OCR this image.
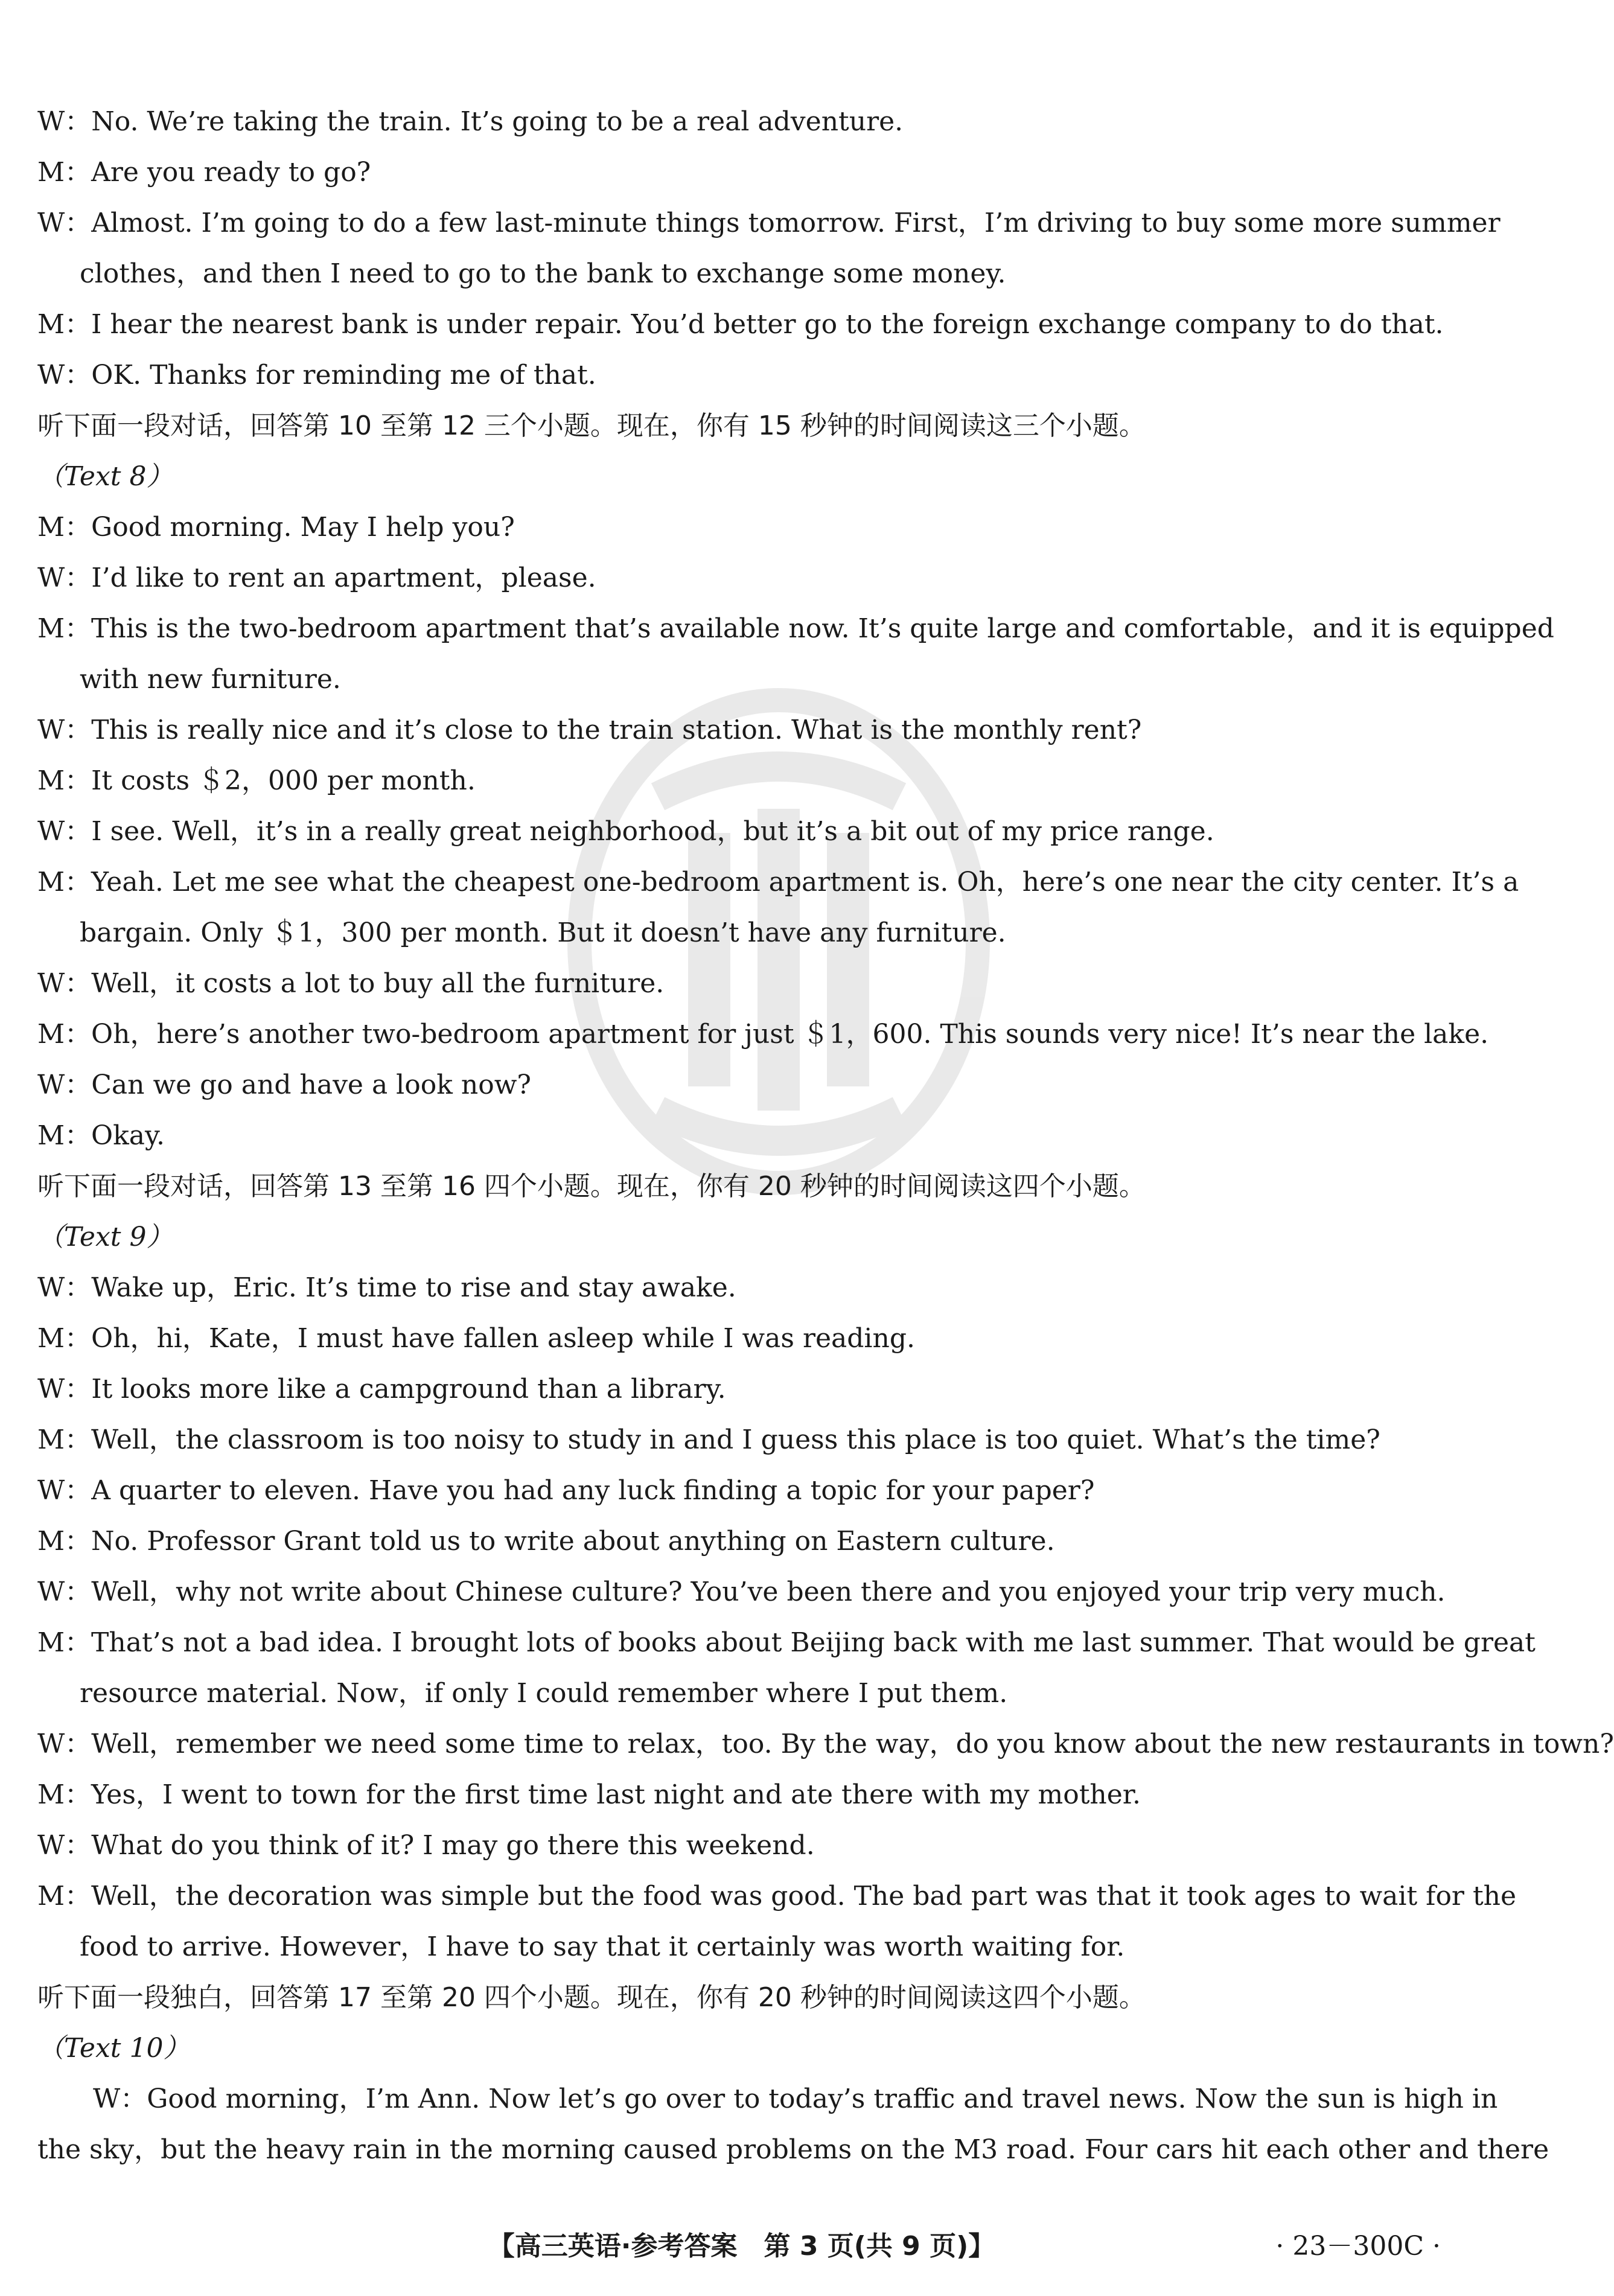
W：No. We’re taking the train. It’s going to be a real adventure.
M：Are you ready to go?
W：Almost. I’m going to do a few last-minute things tomorrow. First，I’m driving to buy some more summer
clothes，and then I need to go to the bank to exchange some money.
M：I hear the nearest bank is under repair. You’d better go to the foreign exchange company to do that.
W：OK. Thanks for reminding me of that.
听下面一段对话，回答第 10 至第 12 三个小题。现在，你有 15 秒钟的时间阅读这三个小题。
（Text 8）
M：Good morning. May I help you?
W：I’d like to rent an apartment，please.
M：This is the two-bedroom apartment that’s available now. It’s quite large and comfortable，and it is equipped
with new furniture.
W：This is really nice and it’s close to the train station. What is the monthly rent?
M：It costs ＄2，000 per month.
W：I see. Well，it’s in a really great neighborhood，but it’s a bit out of my price range.
M：Yeah. Let me see what the cheapest one-bedroom apartment is. Oh，here’s one near the city center. It’s a
bargain. Only ＄1，300 per month. But it doesn’t have any furniture.
W：Well，it costs a lot to buy all the furniture.
M：Oh，here’s another two-bedroom apartment for just ＄1，600. This sounds very nice! It’s near the lake.
W：Can we go and have a look now?
M：Okay.
听下面一段对话，回答第 13 至第 16 四个小题。现在，你有 20 秒钟的时间阅读这四个小题。
（Text 9）
W：Wake up，Eric. It’s time to rise and stay awake.
M：Oh，hi，Kate，I must have fallen asleep while I was reading.
W：It looks more like a campground than a library.
M：Well，the classroom is too noisy to study in and I guess this place is too quiet. What’s the time?
W：A quarter to eleven. Have you had any luck finding a topic for your paper?
M：No. Professor Grant told us to write about anything on Eastern culture.
W：Well，why not write about Chinese culture? You’ve been there and you enjoyed your trip very much.
M：That’s not a bad idea. I brought lots of books about Beijing back with me last summer. That would be great
resource material. Now，if only I could remember where I put them.
W：Well，remember we need some time to relax，too. By the way，do you know about the new restaurants in town?
M：Yes，I went to town for the first time last night and ate there with my mother.
W：What do you think of it? I may go there this weekend.
M：Well，the decoration was simple but the food was good. The bad part was that it took ages to wait for the
food to arrive. However，I have to say that it certainly was worth waiting for.
听下面一段独白，回答第 17 至第 20 四个小题。现在，你有 20 秒钟的时间阅读这四个小题。
（Text 10）
W：Good morning，I’m Ann. Now let’s go over to today’s traffic and travel news. Now the sun is high in
the sky，but the heavy rain in the morning caused problems on the M3 road. Four cars hit each other and there
【高三英语·参考答案　第 3 页(共 9 页)】	· 23－300C ·
